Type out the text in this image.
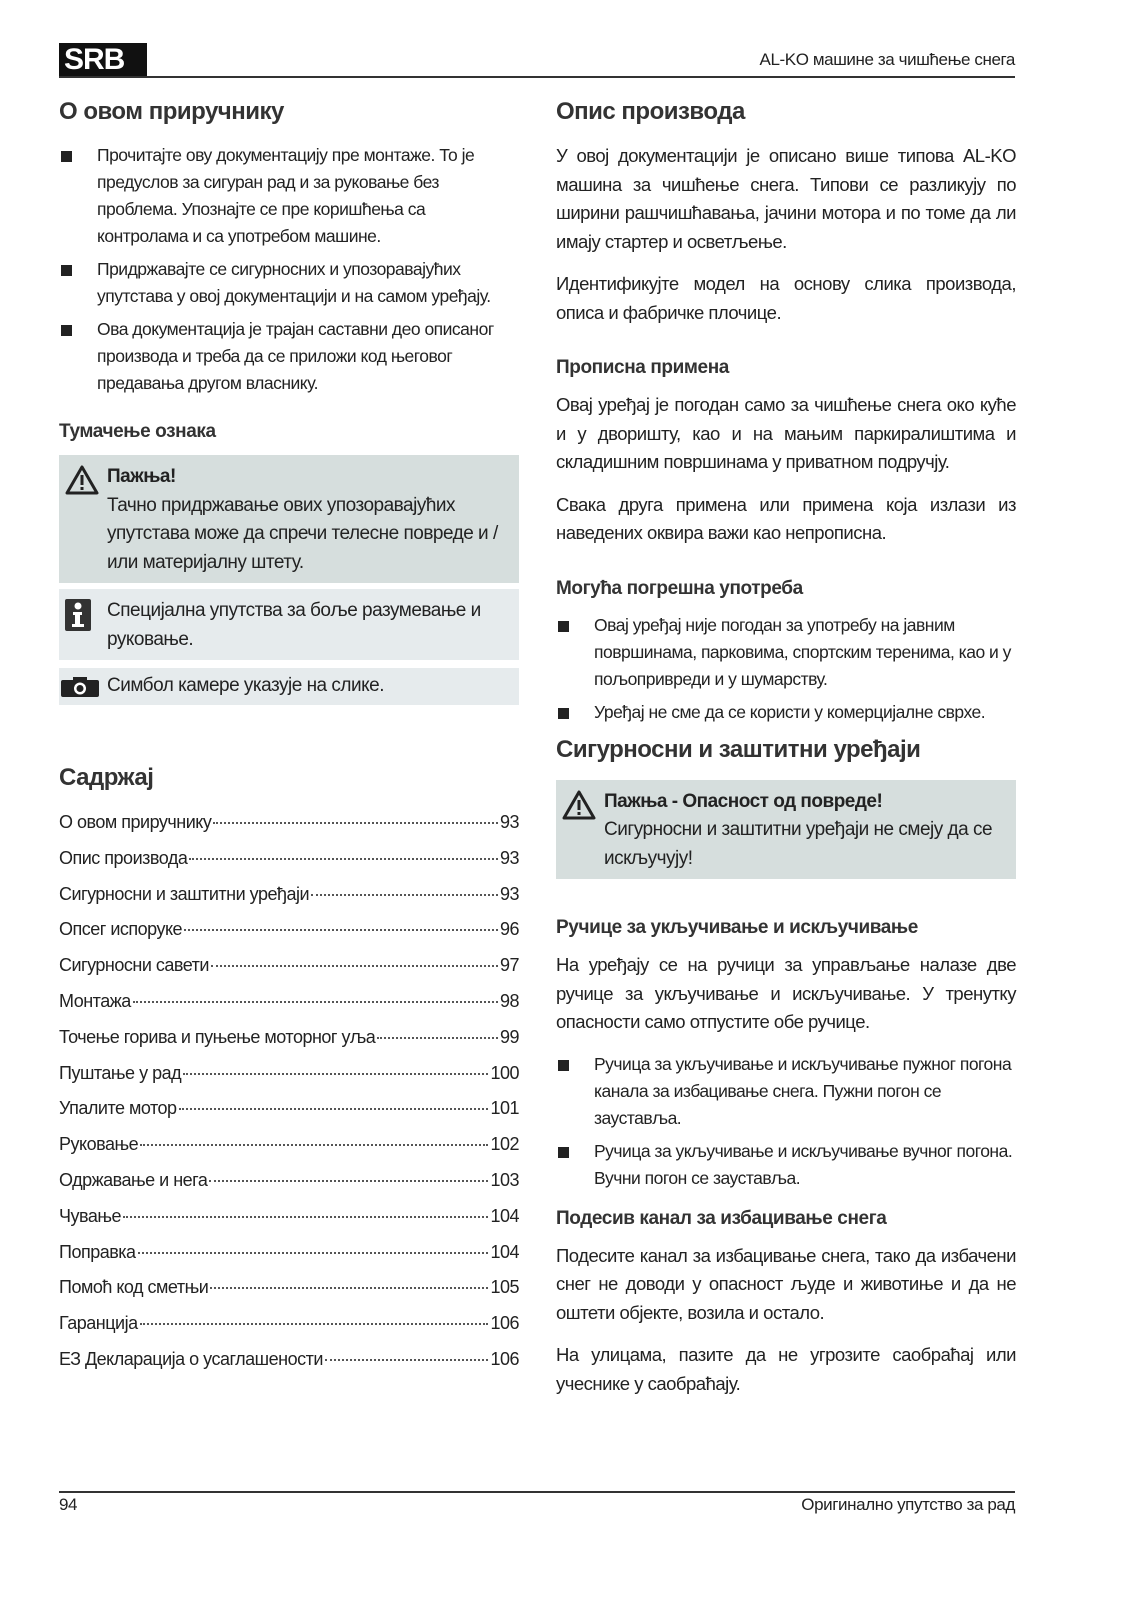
SRB	AL-KO машине за чишћење снега
О овом приручнику
Прочитајте ову документацију пре монтаже. То је предуслов за сигуран рад и за руковање без проблема. Упознајте се пре коришћења са контролама и са употребом машине.
Придржавајте се сигурносних и упозоравајућих упутстава у овој документацији и на самом уређају.
Ова документација је трајан саставни део описаног производа и треба да се приложи код његовог предавања другом власнику.
Тумачење ознака
Пажња!
Тачно придржавање ових упозоравајућих упутстава може да спречи телесне повреде и / или материјалну штету.
Специјална упутства за боље разумевање и руковање.
Симбол камере указује на слике.
Садржај
О овом приручнику	93
Опис производа	93
Сигурносни и заштитни уређаји	93
Опсег испоруке	96
Сигурносни савети	97
Монтажа	98
Точење горива и пуњење моторног уља	99
Пуштање у рад	100
Упалите мотор	101
Руковање	102
Одржавање и нега	103
Чување	104
Поправка	104
Помоћ код сметњи	105
Гаранција	106
ЕЗ Декларација о усаглашености	106
Опис производа

У овој документацији је описано више типова AL-KO машина за чишћење снега. Типови се разликују по ширини рашчишћавања, јачини мотора и по томе да ли имају стартер и осветљење.

Идентификујте модел на основу слика производа, описа и фабричке плочице.

Прописна примена

Овај уређај је погодан само за чишћење снега око куће и у дворишту, као и на мањим паркиралиштима и складишним површинама у приватном подручју.

Свака друга примена или примена која излази из наведених оквира важи као непрописна.

Могућа погрешна употреба
Овај уређај није погодан за употребу на јавним површинама, парковима, спортским теренима, као и у пољопривреди и у шумарству.
Уређај не сме да се користи у комерцијалне сврхе.
Сигурносни и заштитни уређаји
Пажња - Опасност од повреде!
Сигурносни и заштитни уређаји не смеју да се искључују!
Ручице за укључивање и искључивање

На уређају се на ручици за управљање налазе две ручице за укључивање и искључивање. У тренутку опасности само отпустите обе ручице.

Ручица за укључивање и искључивање пужног погона канала за избацивање снега. Пужни погон се зауставља.
Ручица за укључивање и искључивање вучног погона. Вучни погон се зауставља.
Подесив канал за избацивање снега

Подесите канал за избацивање снега, тако да избачени снег не доводи у опасност људе и животиње и да не оштети објекте, возила и остало.

На улицама, пазите да не угрозите саобраћај или учеснике у саобраћају.

94	Оригинално упутство за рад
